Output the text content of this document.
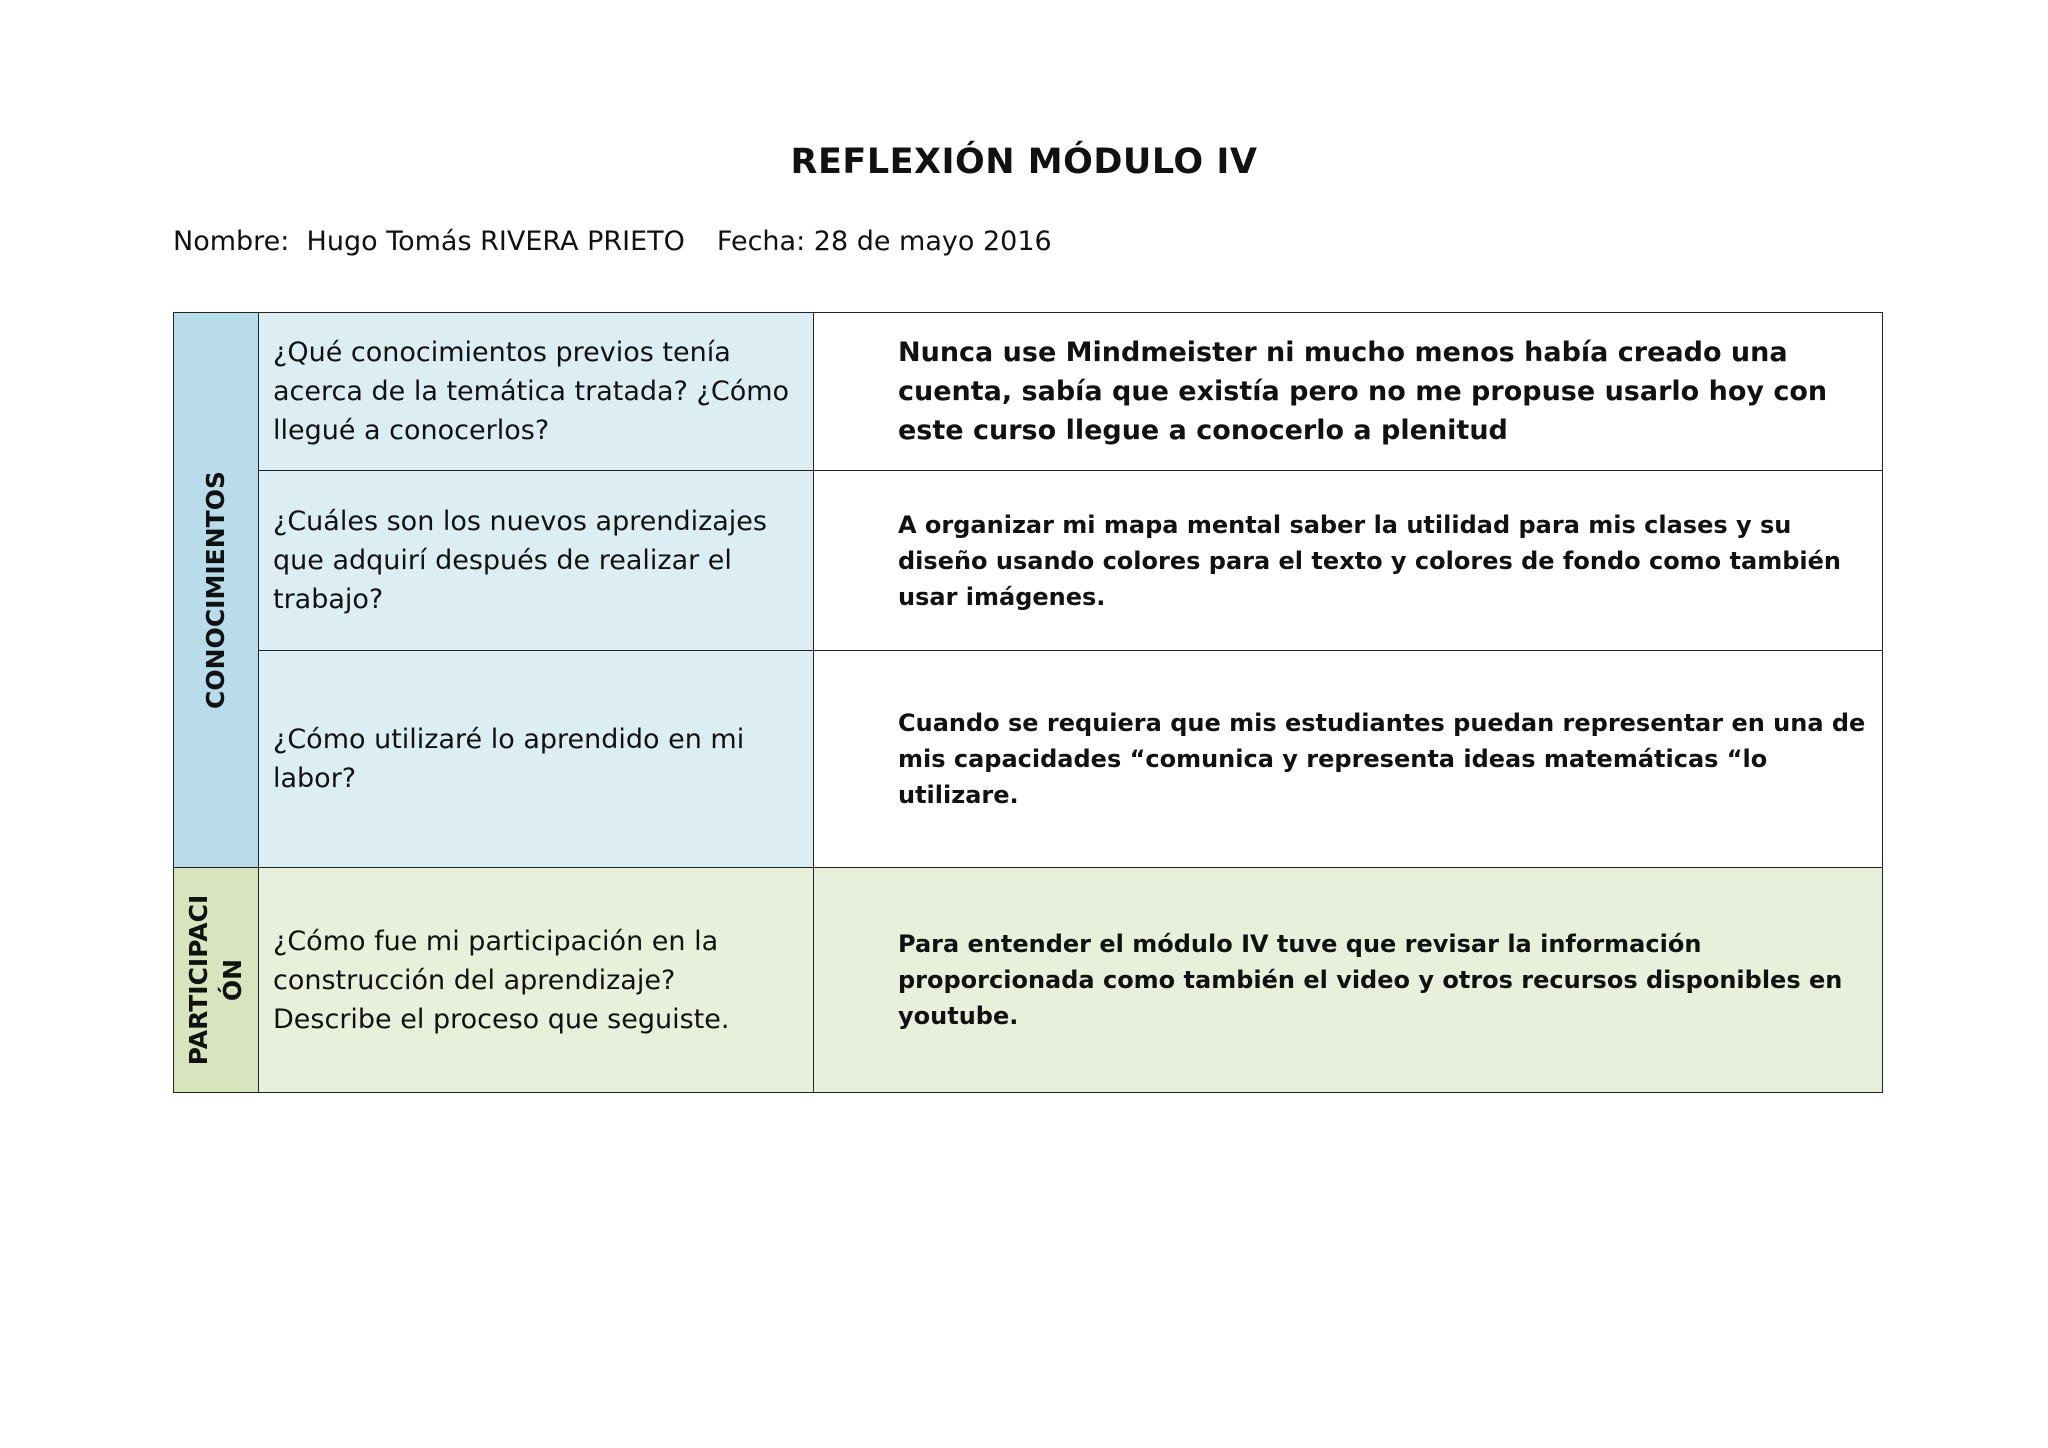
REFLEXIÓN MÓDULO IV
Nombre: Hugo Tomás RIVERA PRIETO Fecha: 28 de mayo 2016
CONOCIMIENTOS	¿Qué conocimientos previos tenía acerca de la temática tratada? ¿Cómo llegué a conocerlos?	Nunca use Mindmeister ni mucho menos había creado una cuenta, sabía que existía pero no me propuse usarlo hoy con este curso llegue a conocerlo a plenitud

	¿Cuáles son los nuevos aprendizajes que adquirí después de realizar el trabajo?	A organizar mi mapa mental saber la utilidad para mis clases y su diseño usando colores para el texto y colores de fondo como también usar imágenes.

	¿Cómo utilizaré lo aprendido en mi labor?	Cuando se requiera que mis estudiantes puedan representar en una de mis capacidades “comunica y representa ideas matemáticas “lo utilizare.

PARTICIPACI
ÓN	¿Cómo fue mi participación en la construcción del aprendizaje? Describe el proceso que seguiste.	Para entender el módulo IV tuve que revisar la información proporcionada como también el video y otros recursos disponibles en youtube.
